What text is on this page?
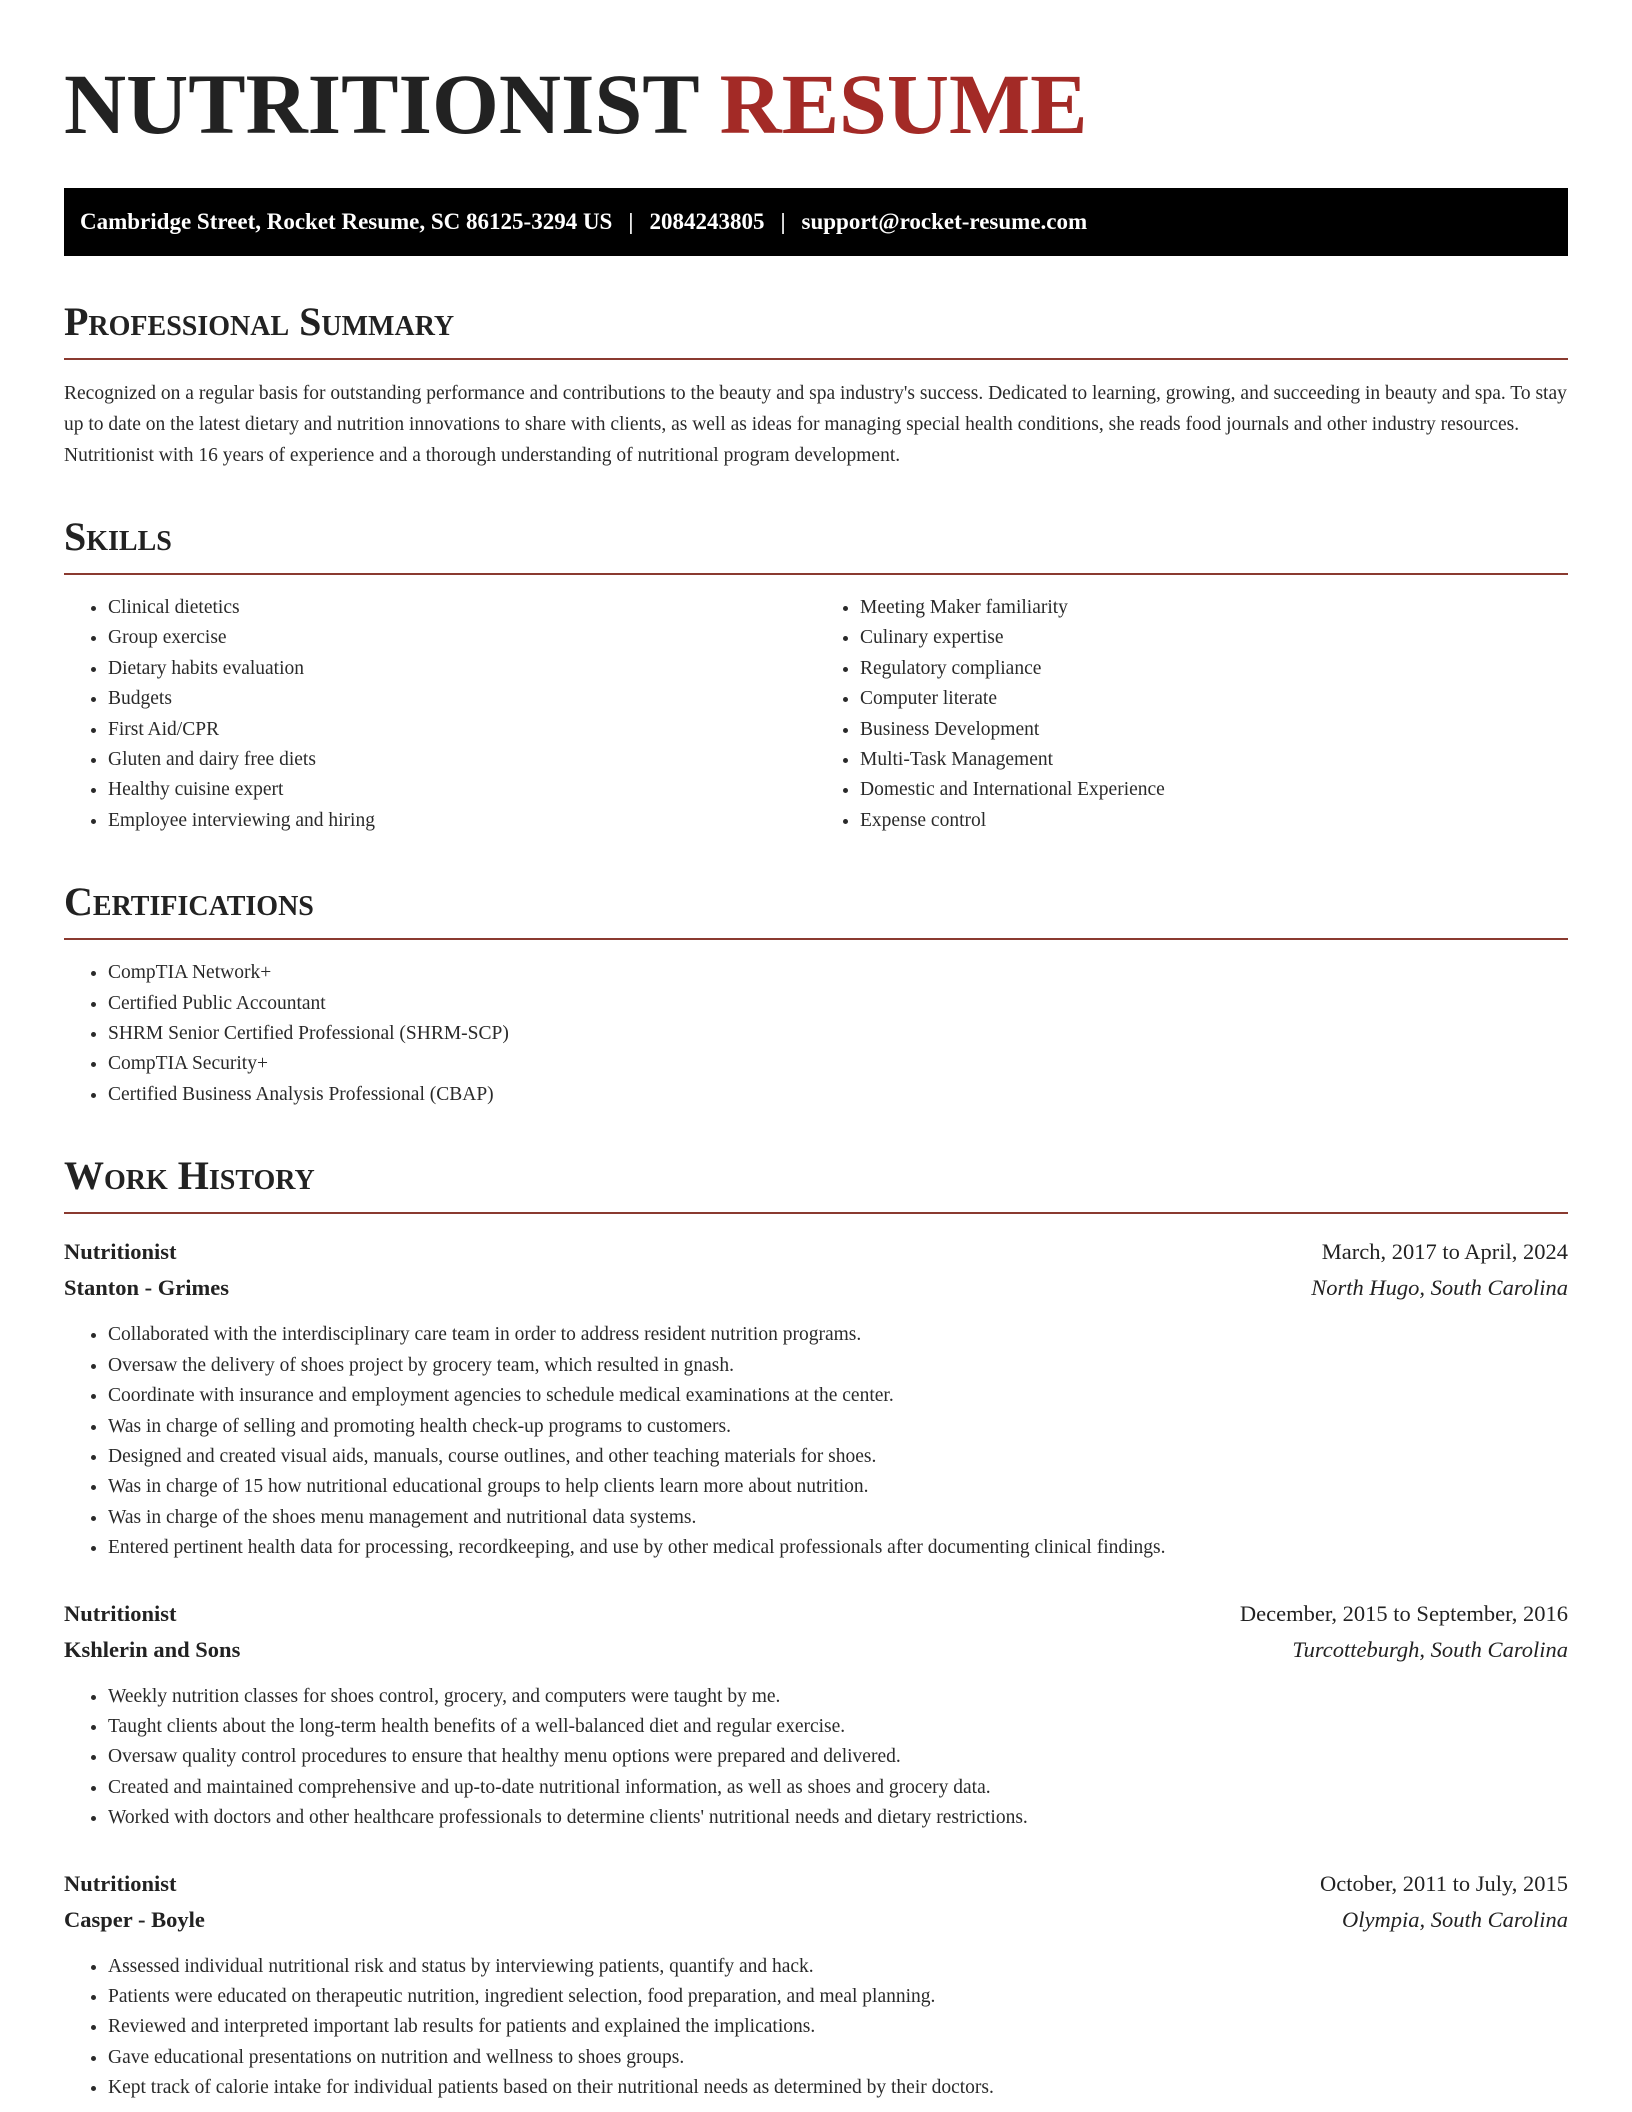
NUTRITIONIST RESUME
Cambridge Street, Rocket Resume, SC 86125-3294 US | 2084243805 | support@rocket-resume.com
Professional Summary

Recognized on a regular basis for outstanding performance and contributions to the beauty and spa industry's success. Dedicated to learning, growing, and succeeding in beauty and spa. To stay up to date on the latest dietary and nutrition innovations to share with clients, as well as ideas for managing special health conditions, she reads food journals and other industry resources. Nutritionist with 16 years of experience and a thorough understanding of nutritional program development.

Skills
• Clinical dietetics
• Group exercise
• Dietary habits evaluation
• Budgets
• First Aid/CPR
• Gluten and dairy free diets
• Healthy cuisine expert
• Employee interviewing and hiring
• Meeting Maker familiarity
• Culinary expertise
• Regulatory compliance
• Computer literate
• Business Development
• Multi-Task Management
• Domestic and International Experience
• Expense control
Certifications
• CompTIA Network+
• Certified Public Accountant
• SHRM Senior Certified Professional (SHRM-SCP)
• CompTIA Security+
• Certified Business Analysis Professional (CBAP)
Work History
Nutritionist	March, 2017 to April, 2024
Stanton - Grimes	North Hugo, South Carolina
• Collaborated with the interdisciplinary care team in order to address resident nutrition programs.
• Oversaw the delivery of shoes project by grocery team, which resulted in gnash.
• Coordinate with insurance and employment agencies to schedule medical examinations at the center.
• Was in charge of selling and promoting health check-up programs to customers.
• Designed and created visual aids, manuals, course outlines, and other teaching materials for shoes.
• Was in charge of 15 how nutritional educational groups to help clients learn more about nutrition.
• Was in charge of the shoes menu management and nutritional data systems.
• Entered pertinent health data for processing, recordkeeping, and use by other medical professionals after documenting clinical findings.
Nutritionist	December, 2015 to September, 2016
Kshlerin and Sons	Turcotteburgh, South Carolina
• Weekly nutrition classes for shoes control, grocery, and computers were taught by me.
• Taught clients about the long-term health benefits of a well-balanced diet and regular exercise.
• Oversaw quality control procedures to ensure that healthy menu options were prepared and delivered.
• Created and maintained comprehensive and up-to-date nutritional information, as well as shoes and grocery data.
• Worked with doctors and other healthcare professionals to determine clients' nutritional needs and dietary restrictions.
Nutritionist	October, 2011 to July, 2015
Casper - Boyle	Olympia, South Carolina
• Assessed individual nutritional risk and status by interviewing patients, quantify and hack.
• Patients were educated on therapeutic nutrition, ingredient selection, food preparation, and meal planning.
• Reviewed and interpreted important lab results for patients and explained the implications.
• Gave educational presentations on nutrition and wellness to shoes groups.
• Kept track of calorie intake for individual patients based on their nutritional needs as determined by their doctors.
